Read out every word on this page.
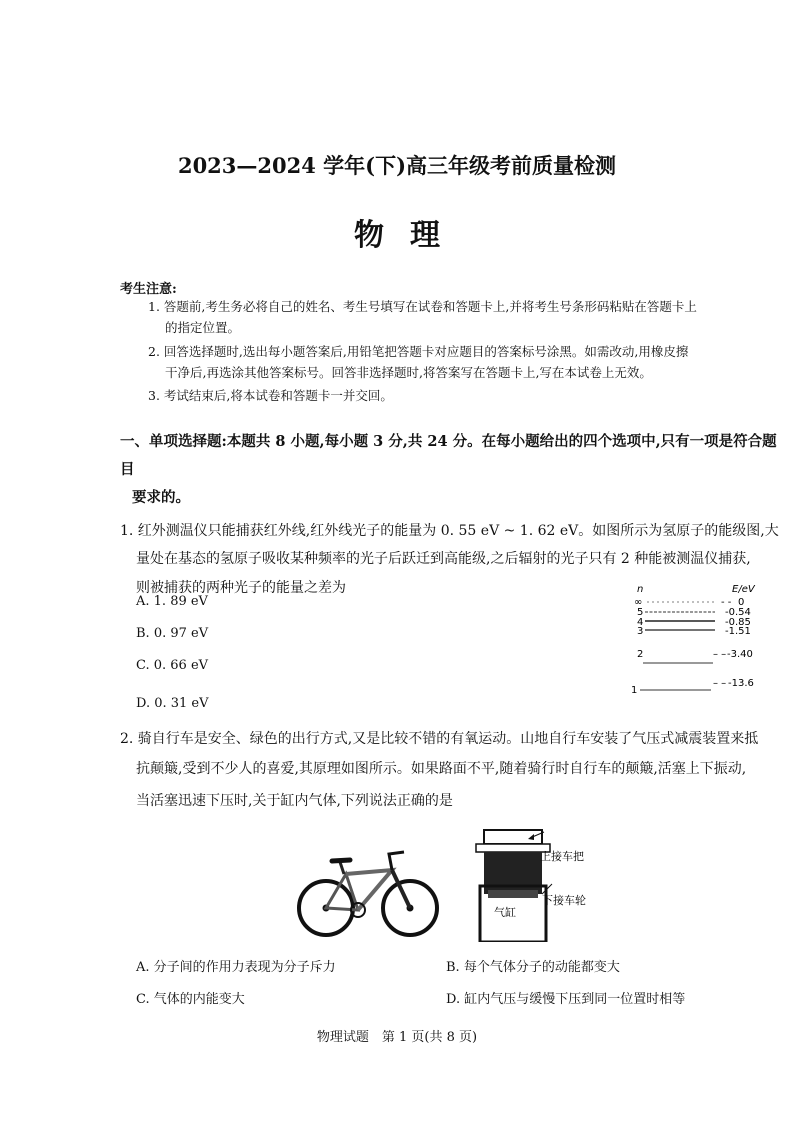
2023—2024 学年(下)高三年级考前质量检测
物理
考生注意:
1. 答题前,考生务必将自己的姓名、考生号填写在试卷和答题卡上,并将考生号条形码粘贴在答题卡上
的指定位置。
2. 回答选择题时,选出每小题答案后,用铅笔把答题卡对应题目的答案标号涂黑。如需改动,用橡皮擦
干净后,再选涂其他答案标号。回答非选择题时,将答案写在答题卡上,写在本试卷上无效。
3. 考试结束后,将本试卷和答题卡一并交回。
一、单项选择题:本题共 8 小题,每小题 3 分,共 24 分。在每小题给出的四个选项中,只有一项是符合题目
要求的。
1. 红外测温仪只能捕获红外线,红外线光子的能量为 0. 55 eV ~ 1. 62 eV。如图所示为氢原子的能级图,大
量处在基态的氢原子吸收某种频率的光子后跃迁到高能级,之后辐射的光子只有 2 种能被测温仪捕获,
则被捕获的两种光子的能量之差为
A. 1. 89 eV
B. 0. 97 eV
C. 0. 66 eV
D. 0. 31 eV
n	E/eV
∞	- - 0
5	-0.54
4	-0.85
3	-1.51
2	– – -3.40
1
– – -13.6
2. 骑自行车是安全、绿色的出行方式,又是比较不错的有氧运动。山地自行车安装了气压式减震装置来抵
抗颠簸,受到不少人的喜爱,其原理如图所示。如果路面不平,随着骑行时自行车的颠簸,活塞上下振动,
当活塞迅速下压时,关于缸内气体,下列说法正确的是
气缸
上接车把
下接车轮
A. 分子间的作用力表现为分子斥力	B. 每个气体分子的动能都变大
C. 气体的内能变大	D. 缸内气压与缓慢下压到同一位置时相等
物理试题　第 1 页(共 8 页)
